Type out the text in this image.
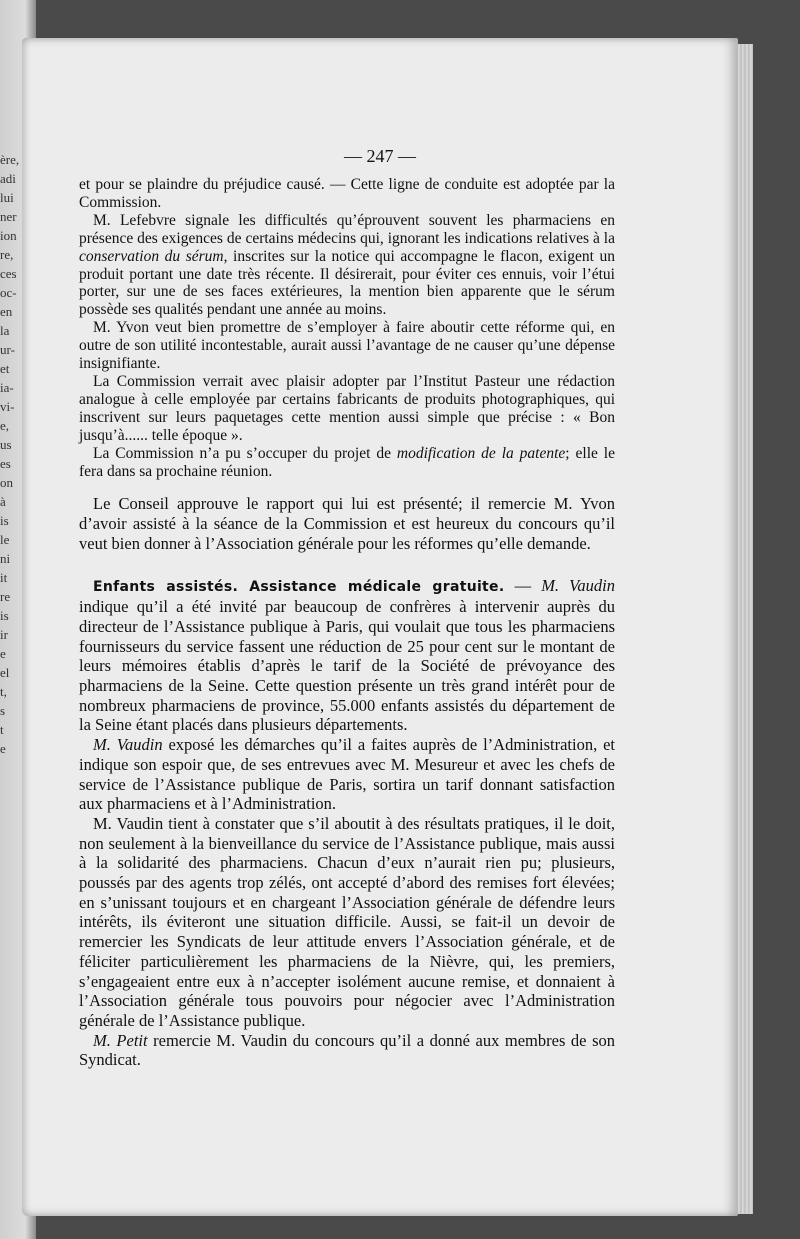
ère,
adi
lui
ner
ion
re,
ces
oc-
en
la
ur-
et
ia-
vi-
e,
us
es
on
à
is
le
ni
it
re
is
ir
e
el
t,
s
t
e
— 247 —

et pour se plaindre du préjudice causé. — Cette ligne de conduite est adoptée par la Commission.

M. Lefebvre signale les difficultés qu’éprouvent souvent les pharmaciens en présence des exigences de certains médecins qui, ignorant les indications relatives à la conservation du sérum, inscrites sur la notice qui accompagne le flacon, exigent un produit portant une date très récente. Il désirerait, pour éviter ces ennuis, voir l’étui porter, sur une de ses faces extérieures, la mention bien apparente que le sérum possède ses qualités pendant une année au moins.

M. Yvon veut bien promettre de s’employer à faire aboutir cette réforme qui, en outre de son utilité incontestable, aurait aussi l’avantage de ne causer qu’une dépense insignifiante.

La Commission verrait avec plaisir adopter par l’Institut Pasteur une rédaction analogue à celle employée par certains fabricants de produits photographiques, qui inscrivent sur leurs paquetages cette mention aussi simple que précise : « Bon jusqu’à...... telle époque ».

La Commission n’a pu s’occuper du projet de modification de la patente; elle le fera dans sa prochaine réunion.

Le Conseil approuve le rapport qui lui est présenté; il remercie M. Yvon d’avoir assisté à la séance de la Commission et est heureux du concours qu’il veut bien donner à l’Association générale pour les réformes qu’elle demande.

Enfants assistés. Assistance médicale gratuite. — M. Vaudin indique qu’il a été invité par beaucoup de confrères à intervenir auprès du directeur de l’Assistance publique à Paris, qui voulait que tous les pharmaciens fournisseurs du service fassent une réduction de 25 pour cent sur le montant de leurs mémoires établis d’après le tarif de la Société de prévoyance des pharmaciens de la Seine. Cette question présente un très grand intérêt pour de nombreux pharmaciens de province, 55.000 enfants assistés du département de la Seine étant placés dans plusieurs départements.

M. Vaudin exposé les démarches qu’il a faites auprès de l’Administration, et indique son espoir que, de ses entrevues avec M. Mesureur et avec les chefs de service de l’Assistance publique de Paris, sortira un tarif donnant satisfaction aux pharmaciens et à l’Administration.

M. Vaudin tient à constater que s’il aboutit à des résultats pratiques, il le doit, non seulement à la bienveillance du service de l’Assistance publique, mais aussi à la solidarité des pharmaciens. Chacun d’eux n’aurait rien pu; plusieurs, poussés par des agents trop zélés, ont accepté d’abord des remises fort élevées; en s’unissant toujours et en chargeant l’Association générale de défendre leurs intérêts, ils éviteront une situation difficile. Aussi, se fait-il un devoir de remercier les Syndicats de leur attitude envers l’Association générale, et de féliciter particulièrement les pharmaciens de la Nièvre, qui, les premiers, s’engageaient entre eux à n’accepter isolément aucune remise, et donnaient à l’Association générale tous pouvoirs pour négocier avec l’Administration générale de l’Assistance publique.

M. Petit remercie M. Vaudin du concours qu’il a donné aux membres de son Syndicat.
